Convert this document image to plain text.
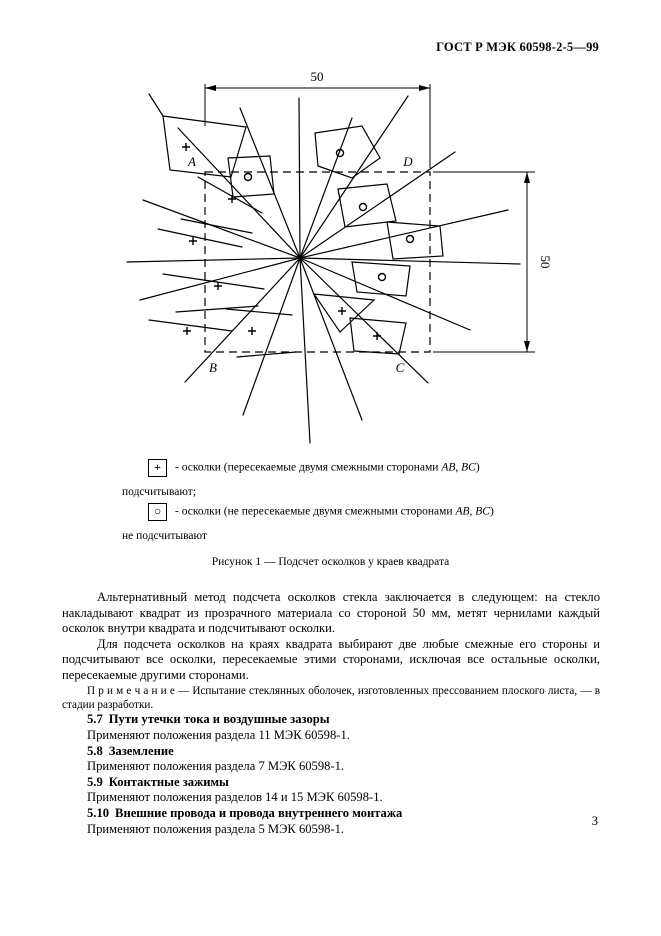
ГОСТ Р МЭК 60598-2-5—99
A	D
B	C
50
50
+ - осколки (пересекаемые двумя смежными сторонами AB, BC)
подсчитывают;
○ - осколки (не пересекаемые двумя смежными сторонами AB, BC)
не подсчитывают
Рисунок 1 — Подсчет осколков у краев квадрата

Альтернативный метод подсчета осколков стекла заключается в следующем: на стекло накладывают квадрат из прозрачного материала со стороной 50 мм, метят чернилами каждый осколок внутри квадрата и подсчитывают осколки.

Для подсчета осколков на краях квадрата выбирают две любые смежные его стороны и подсчитывают все осколки, пересекаемые этими сторонами, исключая все остальные осколки, пересекаемые другими сторонами.

П р и м е ч а н и е — Испытание стеклянных оболочек, изготовленных прессованием плоского листа, — в стадии разработки.

5.7 Пути утечки тока и воздушные зазоры

Применяют положения раздела 11 МЭК 60598-1.

5.8 Заземление

Применяют положения раздела 7 МЭК 60598-1.

5.9 Контактные зажимы

Применяют положения разделов 14 и 15 МЭК 60598-1.

5.10 Внешние провода и провода внутреннего монтажа

Применяют положения раздела 5 МЭК 60598-1.

3
